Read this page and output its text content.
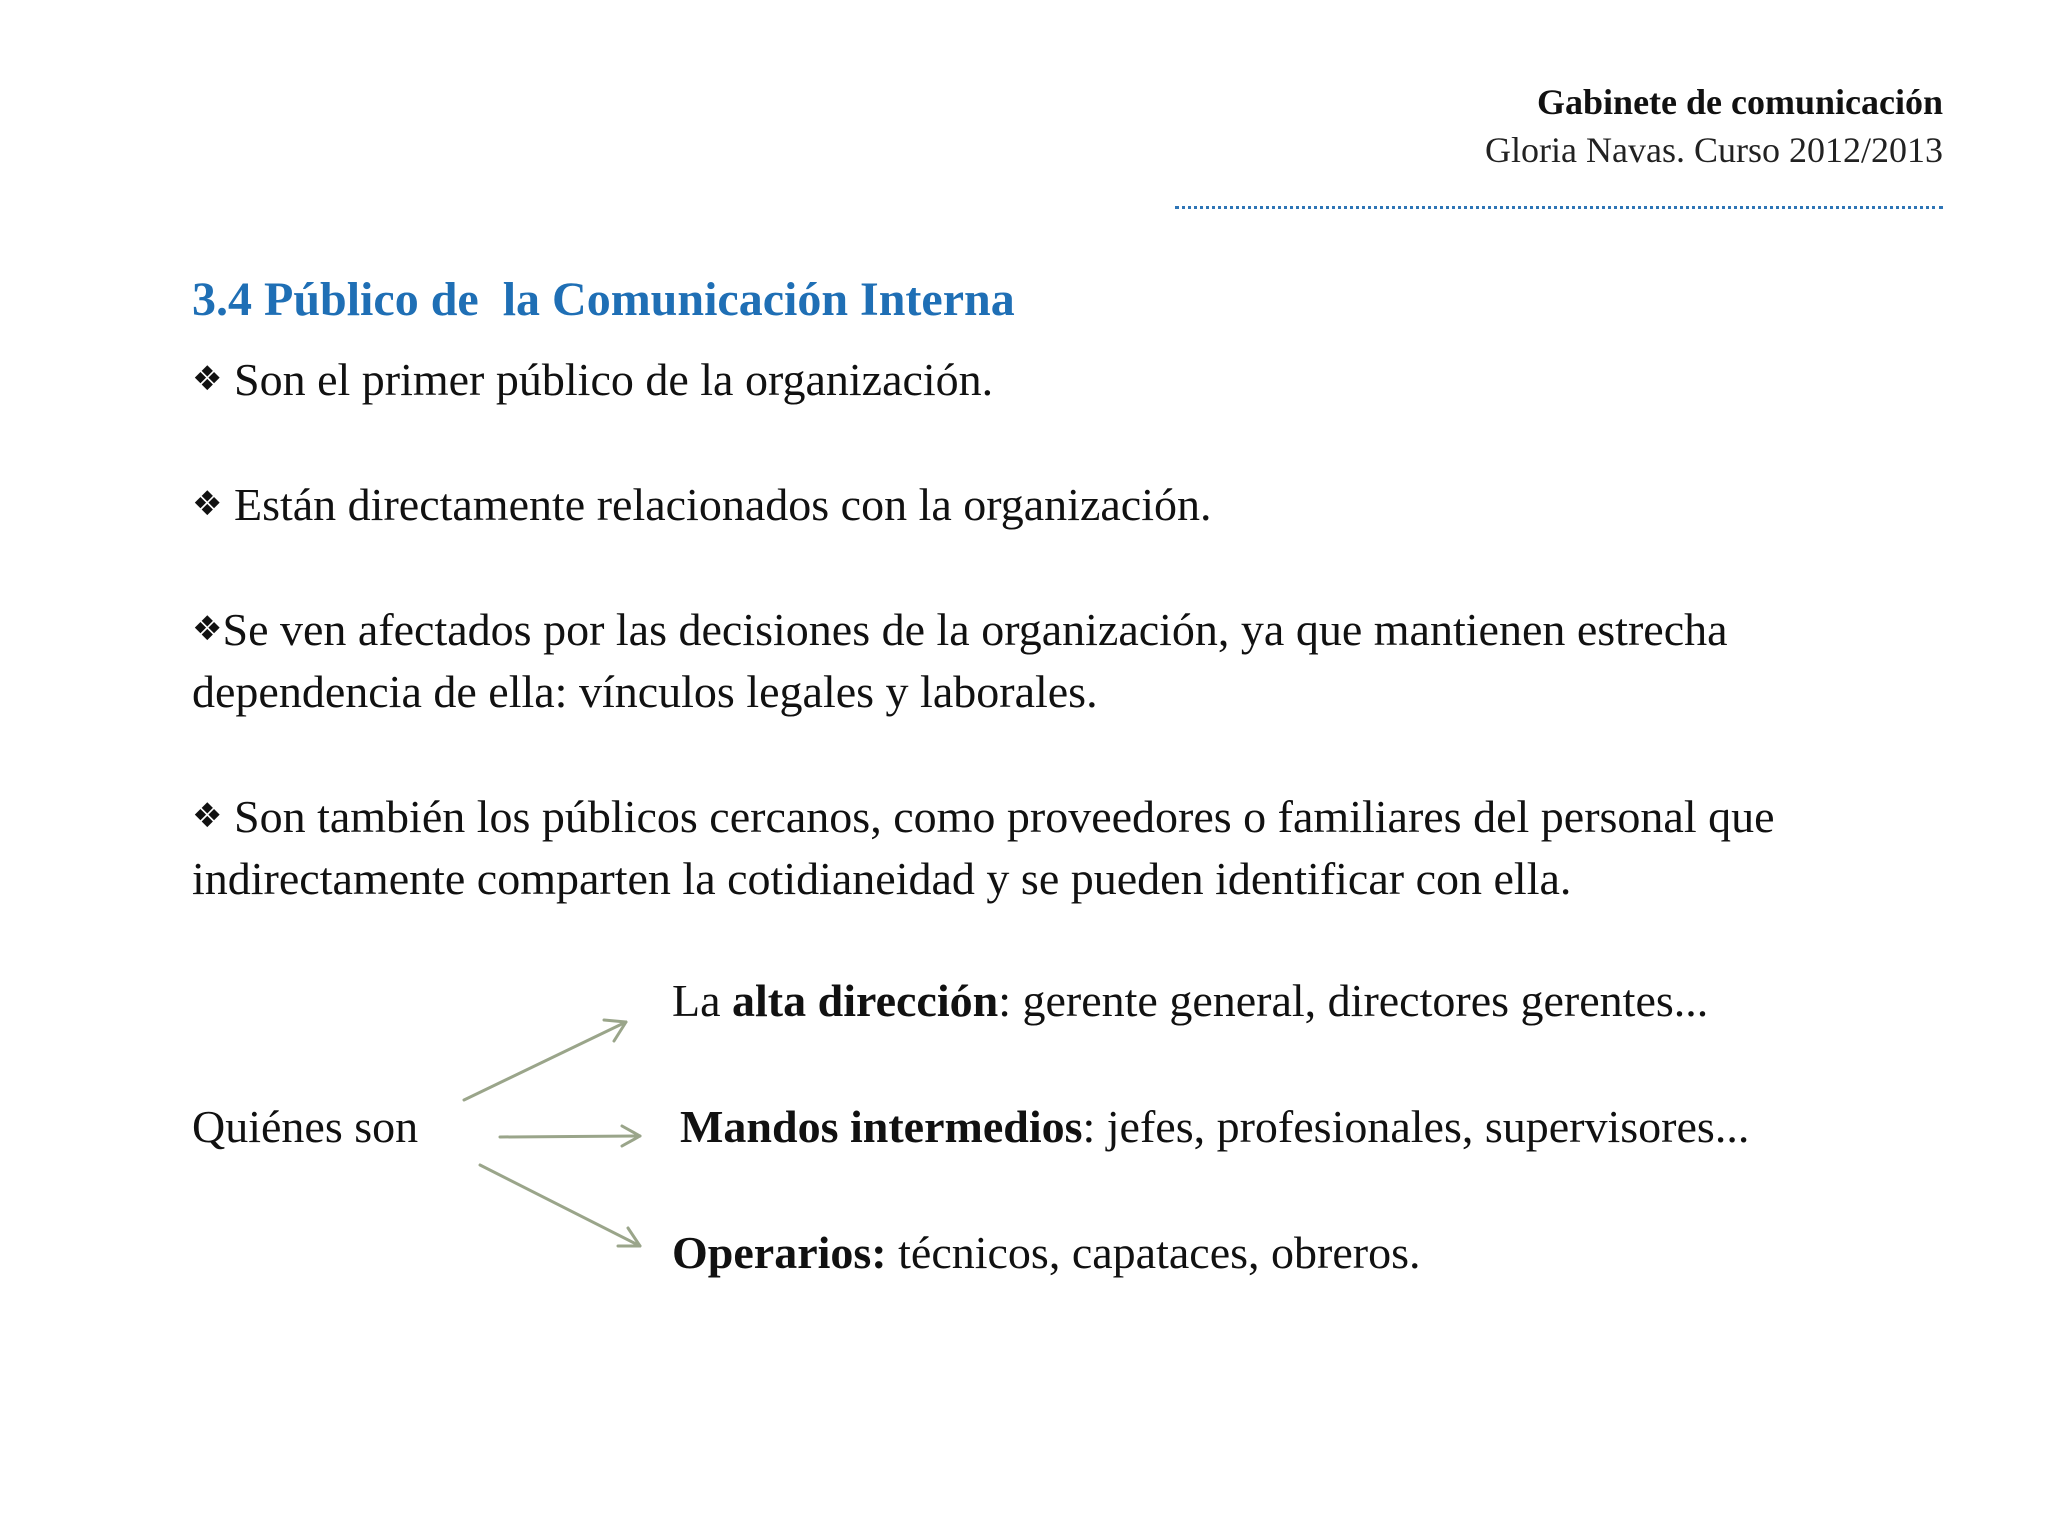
Gabinete de comunicación
Gloria Navas. Curso 2012/2013
3.4 Público de  la Comunicación Interna
❖ Son el primer público de la organización.
❖ Están directamente relacionados con la organización.
❖Se ven afectados por las decisiones de la organización, ya que mantienen estrecha dependencia de ella: vínculos legales y laborales.
❖ Son también los públicos cercanos, como proveedores o familiares del personal que indirectamente comparten la cotidianeidad y se pueden identificar con ella.
Quiénes son
La alta dirección: gerente general, directores gerentes...
Mandos intermedios: jefes, profesionales, supervisores...
Operarios: técnicos, capataces, obreros.
